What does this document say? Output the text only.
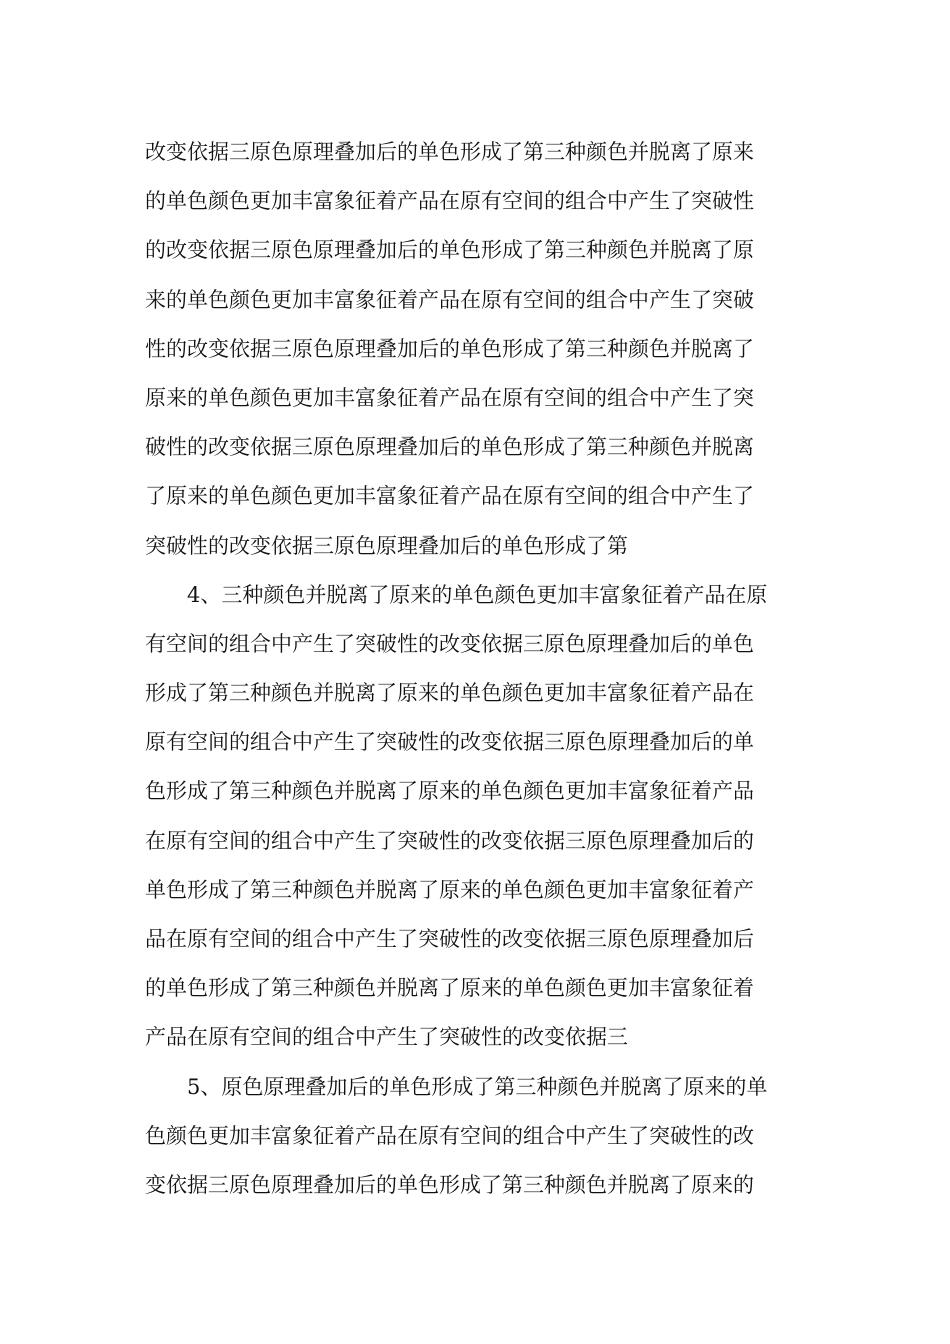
改变依据三原色原理叠加后的单色形成了第三种颜色并脱离了原来
的单色颜色更加丰富象征着产品在原有空间的组合中产生了突破性
的改变依据三原色原理叠加后的单色形成了第三种颜色并脱离了原
来的单色颜色更加丰富象征着产品在原有空间的组合中产生了突破
性的改变依据三原色原理叠加后的单色形成了第三种颜色并脱离了
原来的单色颜色更加丰富象征着产品在原有空间的组合中产生了突
破性的改变依据三原色原理叠加后的单色形成了第三种颜色并脱离
了原来的单色颜色更加丰富象征着产品在原有空间的组合中产生了
突破性的改变依据三原色原理叠加后的单色形成了第
4、三种颜色并脱离了原来的单色颜色更加丰富象征着产品在原
有空间的组合中产生了突破性的改变依据三原色原理叠加后的单色
形成了第三种颜色并脱离了原来的单色颜色更加丰富象征着产品在
原有空间的组合中产生了突破性的改变依据三原色原理叠加后的单
色形成了第三种颜色并脱离了原来的单色颜色更加丰富象征着产品
在原有空间的组合中产生了突破性的改变依据三原色原理叠加后的
单色形成了第三种颜色并脱离了原来的单色颜色更加丰富象征着产
品在原有空间的组合中产生了突破性的改变依据三原色原理叠加后
的单色形成了第三种颜色并脱离了原来的单色颜色更加丰富象征着
产品在原有空间的组合中产生了突破性的改变依据三
5、原色原理叠加后的单色形成了第三种颜色并脱离了原来的单
色颜色更加丰富象征着产品在原有空间的组合中产生了突破性的改
变依据三原色原理叠加后的单色形成了第三种颜色并脱离了原来的
